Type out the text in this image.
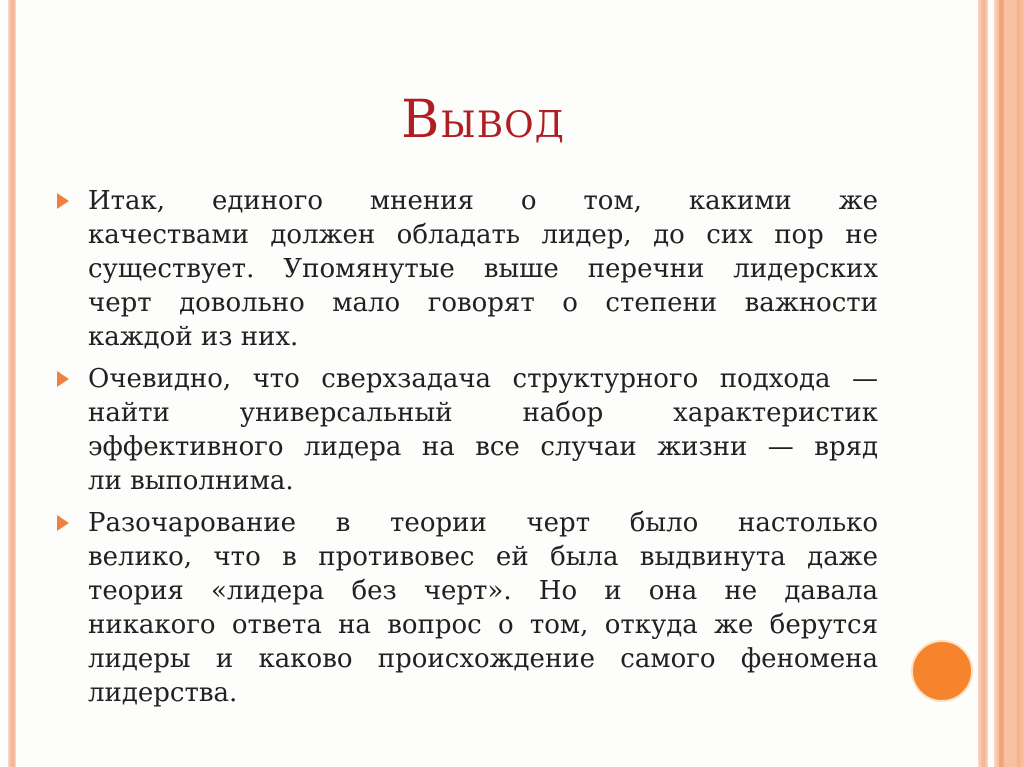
Вывод
Итак, единого мнения о том, какими же
качествами должен обладать лидер, до сих пор не
существует. Упомянутые выше перечни лидерских
черт довольно мало говорят о степени важности
каждой из них.
Очевидно, что сверхзадача структурного подхода —
найти универсальный набор характеристик
эффективного лидера на все случаи жизни — вряд
ли выполнима.
Разочарование в теории черт было настолько
велико, что в противовес ей была выдвинута даже
теория «лидера без черт». Но и она не давала
никакого ответа на вопрос о том, откуда же берутся
лидеры и каково происхождение самого феномена
лидерства.
